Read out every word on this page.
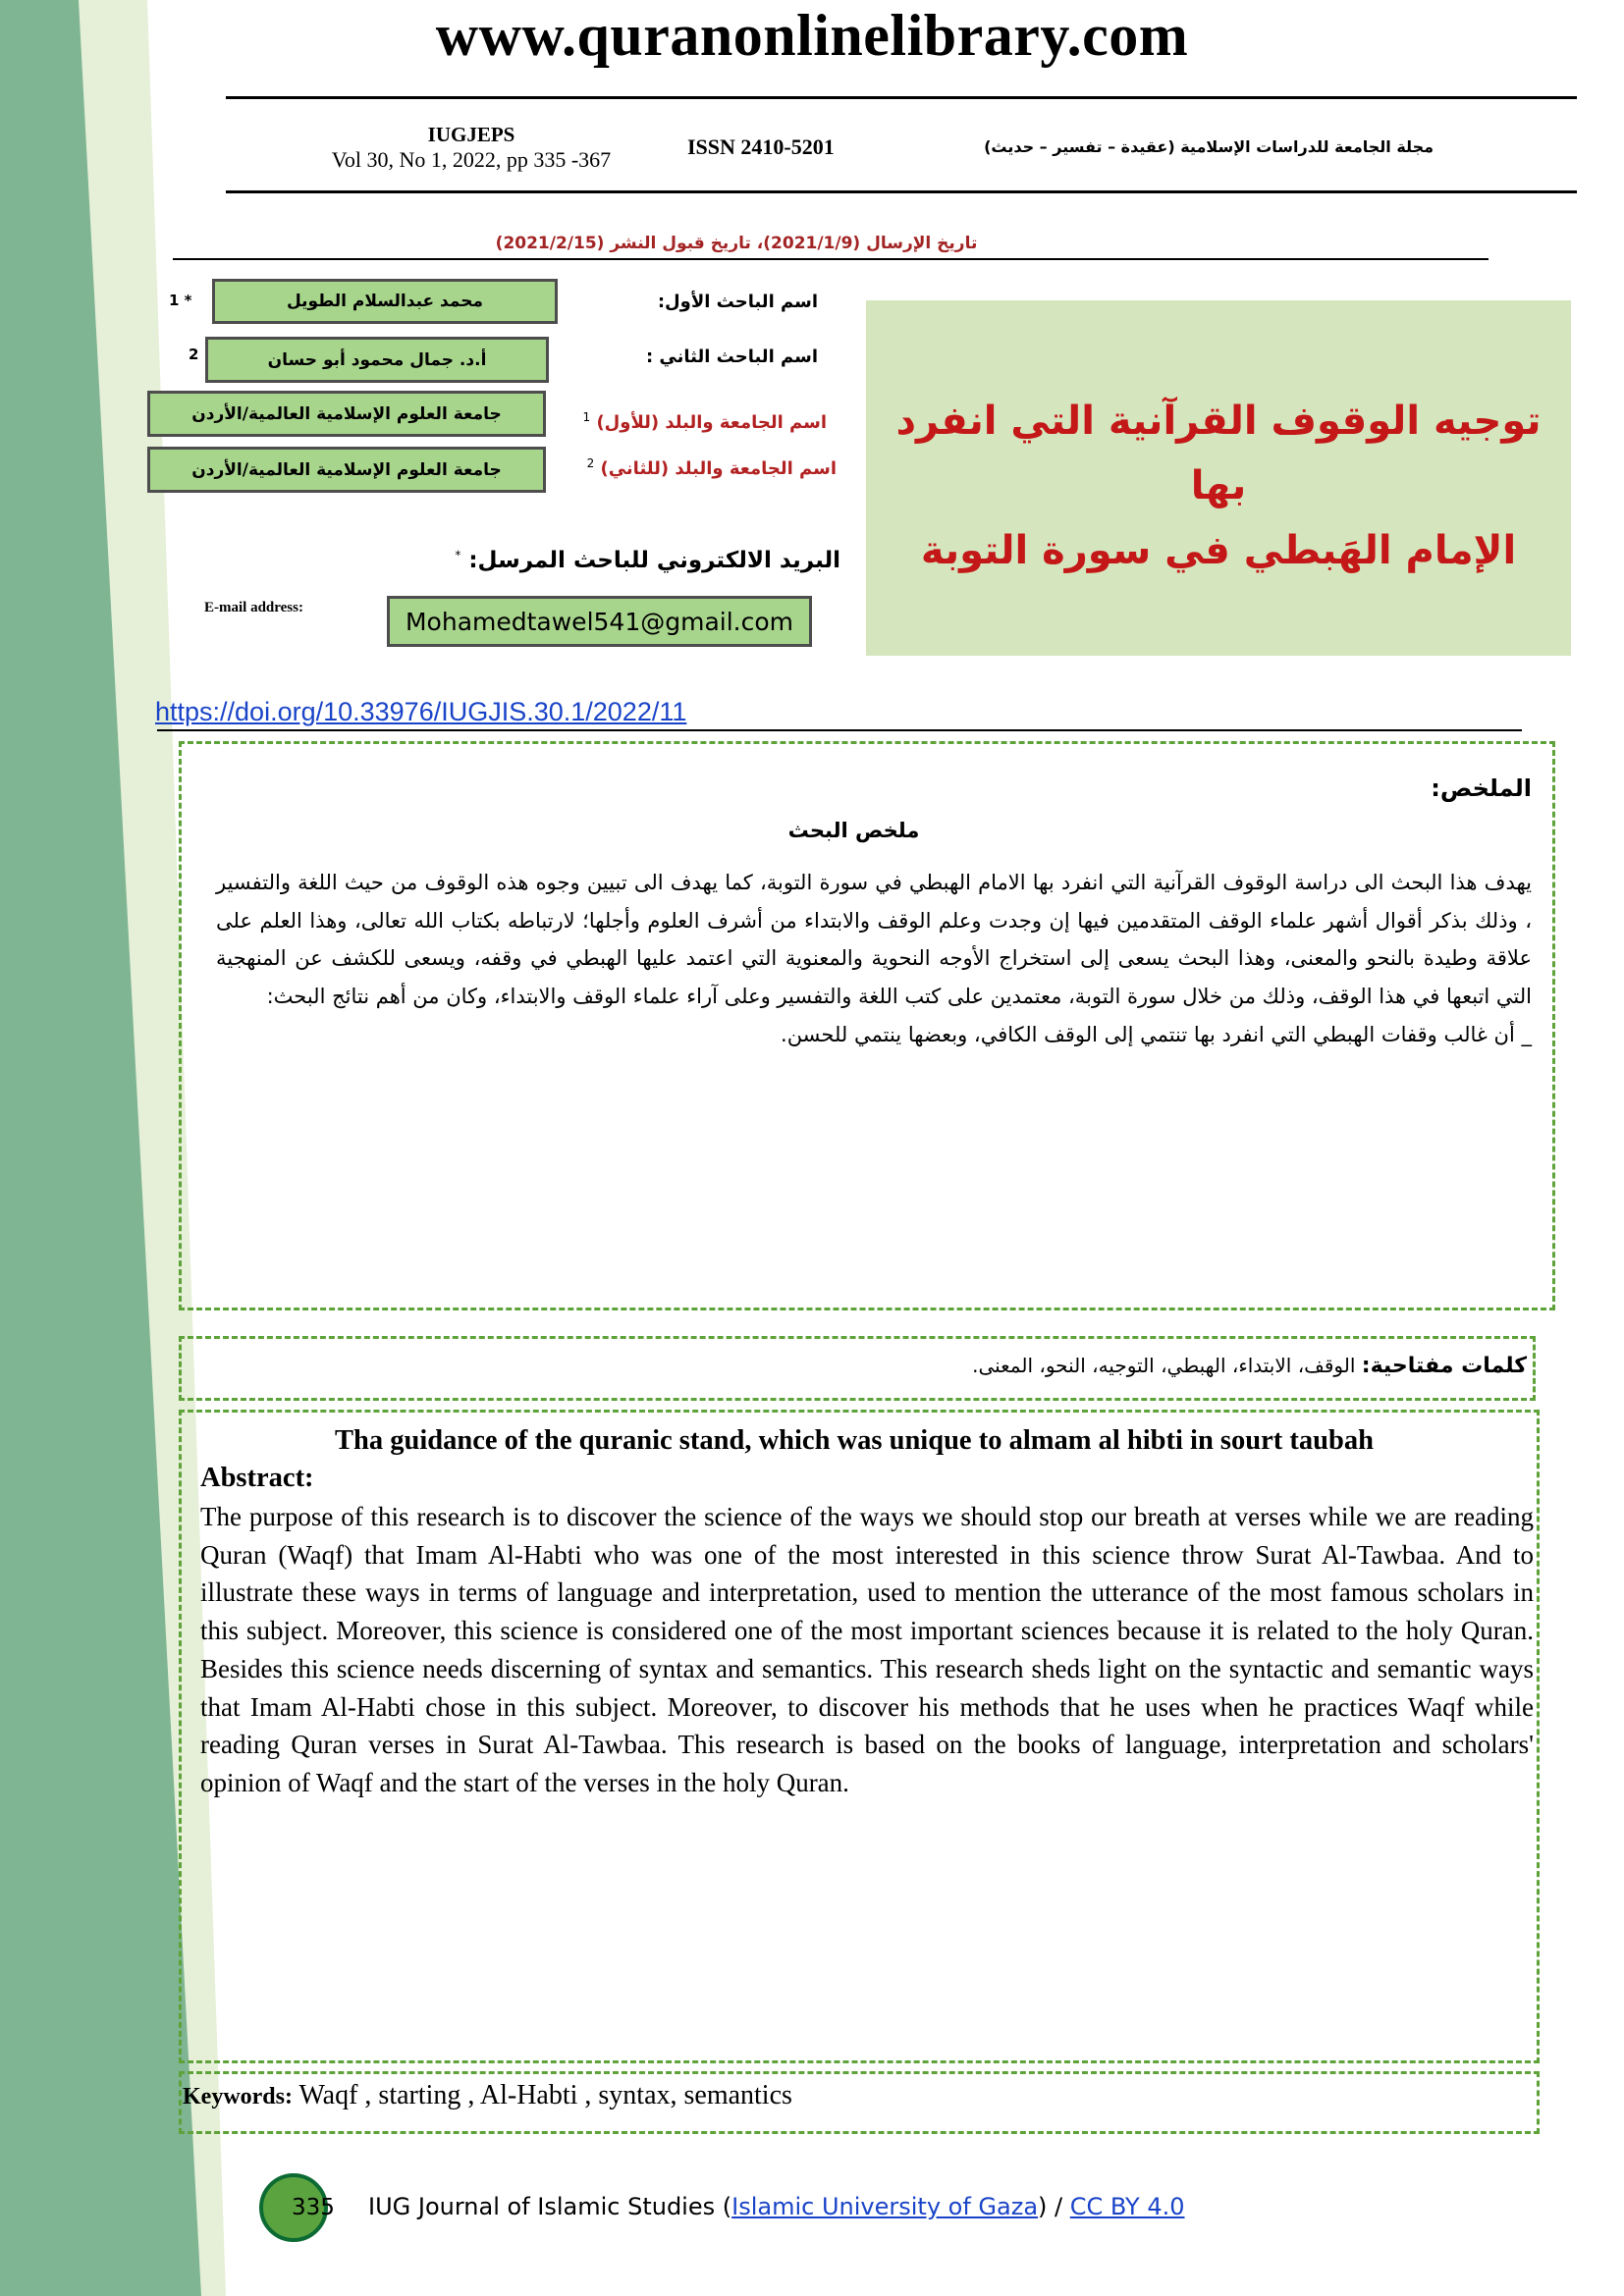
www.quranonlinelibrary.com
IUGJEPS
Vol 30, No 1, 2022, pp 335 -367
ISSN 2410-5201	مجلة الجامعة للدراسات الإسلامية (عقيدة – تفسير – حديث)
تاريخ الإرسال (2021/1/9)، تاريخ قبول النشر (2021/2/15)
اسم الباحث الأول:
محمد عبدالسلام الطويل
1 *
اسم الباحث الثاني :
أ.د. جمال محمود أبو حسان
2
اسم الجامعة والبلد (للأول) $^1$
جامعة العلوم الإسلامية العالمية/الأردن
اسم الجامعة والبلد (للثاني) $^2$
جامعة العلوم الإسلامية العالمية/الأردن
البريد الالكتروني للباحث المرسل: *
E-mail address:	Mohamedtawel541@gmail.com
توجيه الوقوف القرآنية التي انفرد بها
الإمام الهَبطي في سورة التوبة
https://doi.org/10.33976/IUGJIS.30.1/2022/11
الملخص:
ملخص البحث

يهدف هذا البحث الى دراسة الوقوف القرآنية التي انفرد بها الامام الهبطي في سورة التوبة، كما يهدف الى تبيين وجوه هذه الوقوف من حيث اللغة والتفسير ، وذلك بذكر أقوال أشهر علماء الوقف المتقدمين فيها إن وجدت وعلم الوقف والابتداء من أشرف العلوم وأجلها؛ لارتباطه بكتاب الله تعالى، وهذا العلم على علاقة وطيدة بالنحو والمعنى، وهذا البحث يسعى إلى استخراج الأوجه النحوية والمعنوية التي اعتمد عليها الهبطي في وقفه، ويسعى للكشف عن المنهجية التي اتبعها في هذا الوقف، وذلك من خلال سورة التوبة، معتمدين على كتب اللغة والتفسير وعلى آراء علماء الوقف والابتداء، وكان من أهم نتائج البحث:

_ أن غالب وقفات الهبطي التي انفرد بها تنتمي إلى الوقف الكافي، وبعضها ينتمي للحسن.

كلمات مفتاحية: الوقف، الابتداء، الهبطي، التوجيه، النحو، المعنى.
Tha guidance of the quranic stand, which was unique to almam al hibti in sourt taubah
Abstract:
The purpose of this research is to discover the science of the ways we should stop our breath at verses while we are reading Quran (Waqf) that Imam Al-Habti who was one of the most interested in this science throw Surat Al-Tawbaa. And to illustrate these ways in terms of language and interpretation, used to mention the utterance of the most famous scholars in this subject. Moreover, this science is considered one of the most important sciences because it is related to the holy Quran. Besides this science needs discerning of syntax and semantics. This research sheds light on the syntactic and semantic ways that Imam Al-Habti chose in this subject. Moreover, to discover his methods that he uses when he practices Waqf while reading Quran verses in Surat Al-Tawbaa. This research is based on the books of language, interpretation and scholars' opinion of Waqf and the start of the verses in the holy Quran.
Keywords: Waqf , starting , Al-Habti , syntax, semantics
335 IUG Journal of Islamic Studies (Islamic University of Gaza) / CC BY 4.0
